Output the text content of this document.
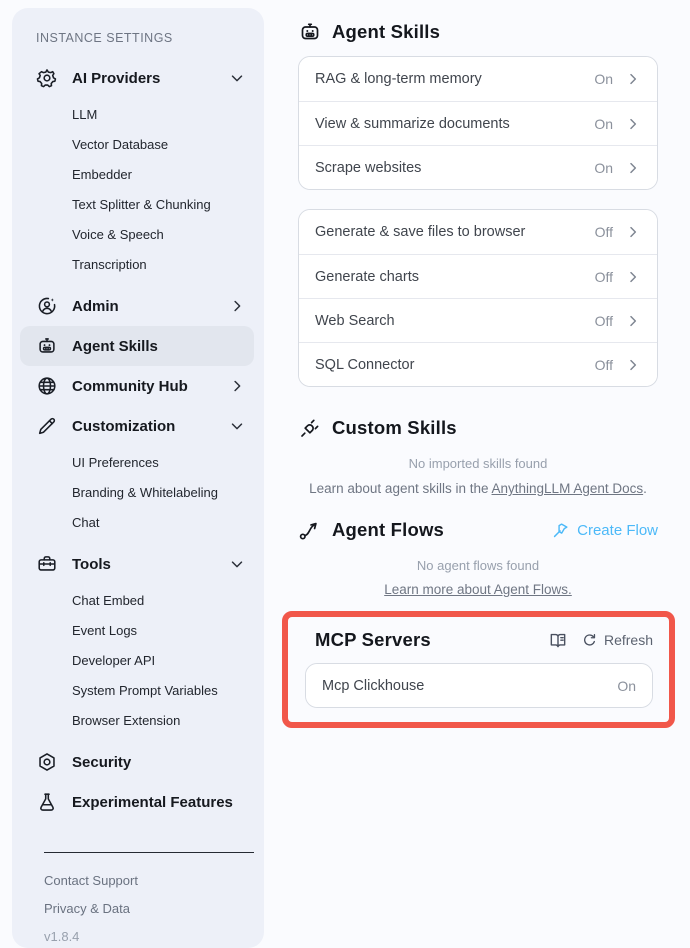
INSTANCE SETTINGS
AI Providers
LLM
Vector Database
Embedder
Text Splitter & Chunking
Voice & Speech
Transcription
Admin
Agent Skills
Community Hub
Customization
UI Preferences
Branding & Whitelabeling
Chat
Tools
Chat Embed
Event Logs
Developer API
System Prompt Variables
Browser Extension
Security
Experimental Features
Contact Support
Privacy & Data
v1.8.4
Agent Skills
RAG & long-term memory	On
View & summarize documents	On
Scrape websites	On
Generate & save files to browser	Off
Generate charts	Off
Web Search	Off
SQL Connector	Off
Custom Skills
No imported skills found
Learn about agent skills in the AnythingLLM Agent Docs.
Agent Flows	Create Flow
No agent flows found
Learn more about Agent Flows.
MCP Servers	Refresh
Mcp Clickhouse	On
